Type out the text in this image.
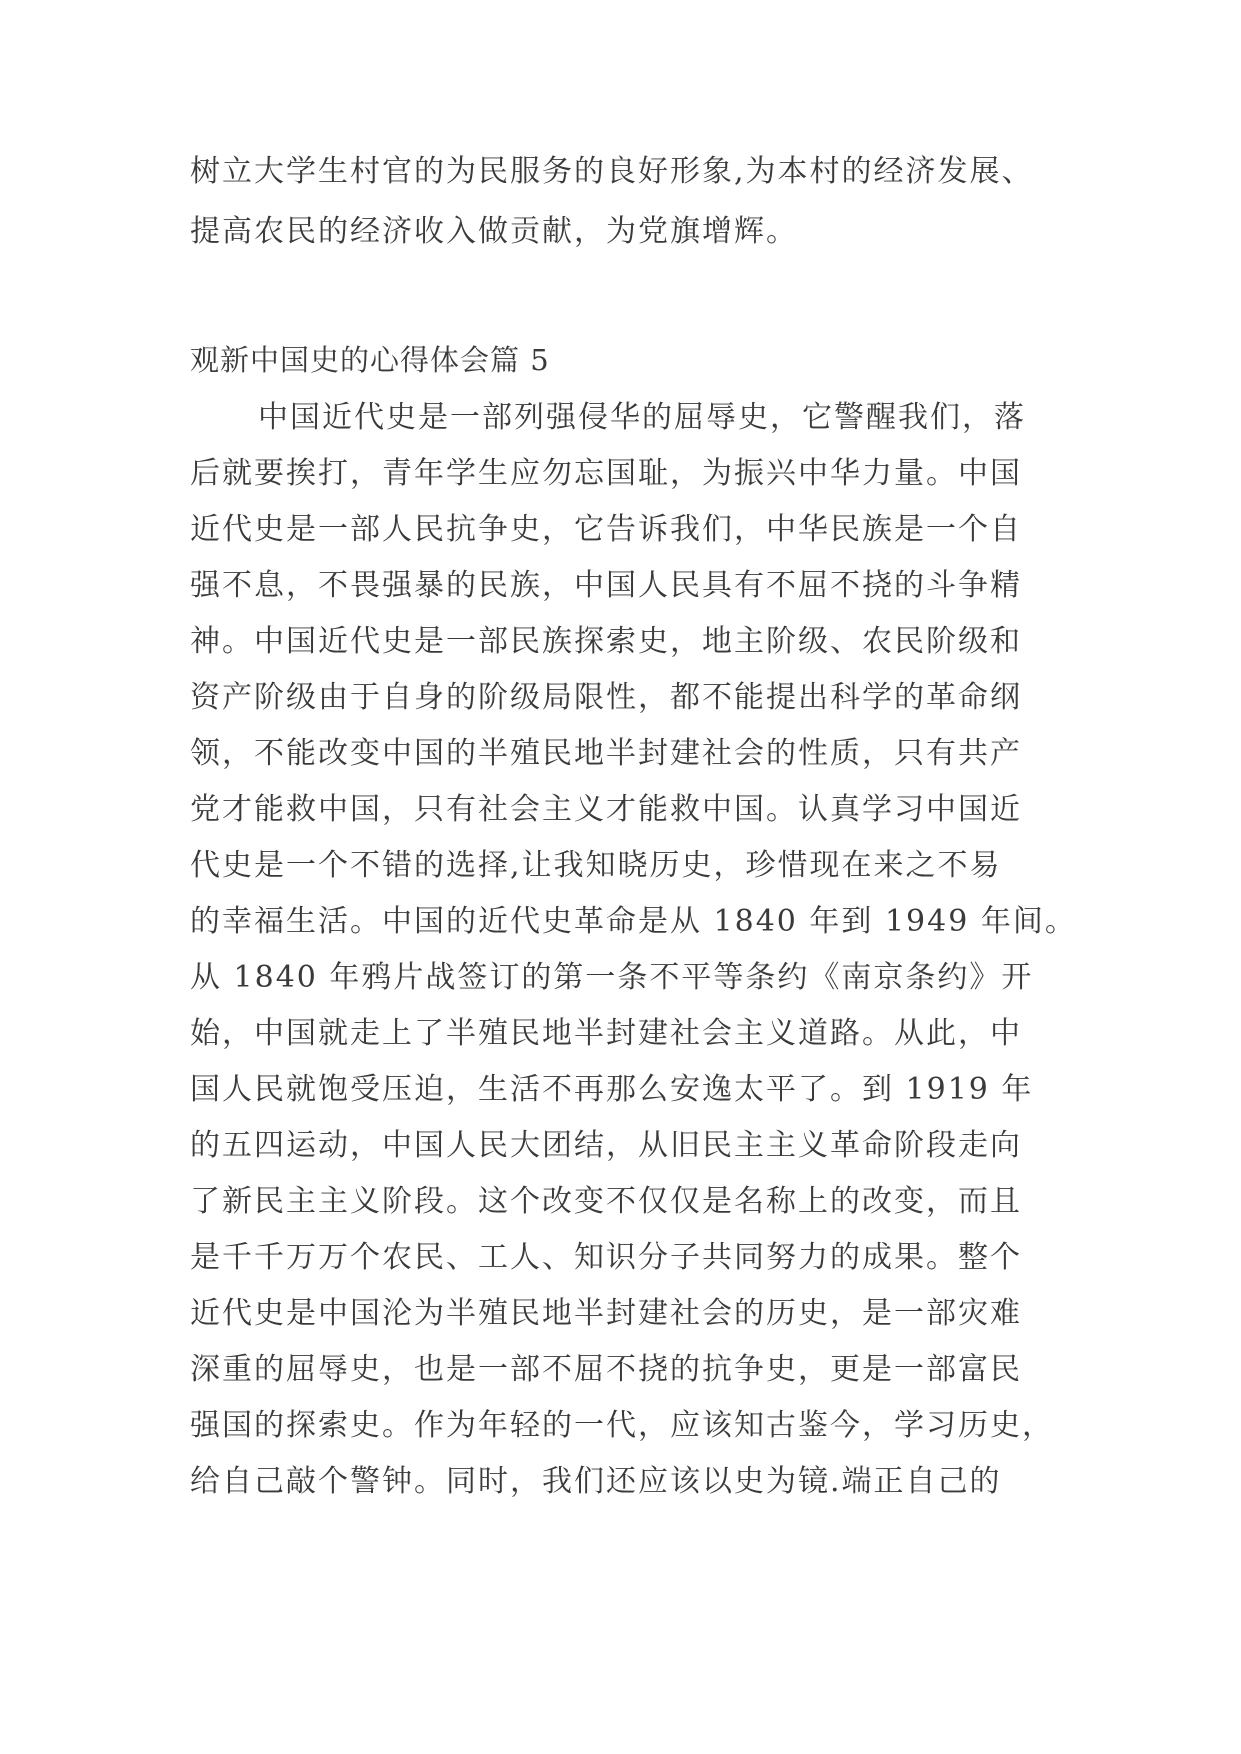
树立大学生村官的为民服务的良好形象,为本村的经济发展、
提高农民的经济收入做贡献，为党旗增辉。
观新中国史的心得体会篇 5
中国近代史是一部列强侵华的屈辱史，它警醒我们，落
后就要挨打，青年学生应勿忘国耻，为振兴中华力量。中国
近代史是一部人民抗争史，它告诉我们，中华民族是一个自
强不息，不畏强暴的民族，中国人民具有不屈不挠的斗争精
神。中国近代史是一部民族探索史，地主阶级、农民阶级和
资产阶级由于自身的阶级局限性，都不能提出科学的革命纲
领，不能改变中国的半殖民地半封建社会的性质，只有共产
党才能救中国，只有社会主义才能救中国。认真学习中国近
代史是一个不错的选择,让我知晓历史，珍惜现在来之不易
的幸福生活。中国的近代史革命是从 1840 年到 1949 年间。
从 1840 年鸦片战签订的第一条不平等条约《南京条约》开
始，中国就走上了半殖民地半封建社会主义道路。从此，中
国人民就饱受压迫，生活不再那么安逸太平了。到 1919 年
的五四运动，中国人民大团结，从旧民主主义革命阶段走向
了新民主主义阶段。这个改变不仅仅是名称上的改变，而且
是千千万万个农民、工人、知识分子共同努力的成果。整个
近代史是中国沦为半殖民地半封建社会的历史，是一部灾难
深重的屈辱史，也是一部不屈不挠的抗争史，更是一部富民
强国的探索史。作为年轻的一代，应该知古鉴今，学习历史，
给自己敲个警钟。同时，我们还应该以史为镜.端正自己的
